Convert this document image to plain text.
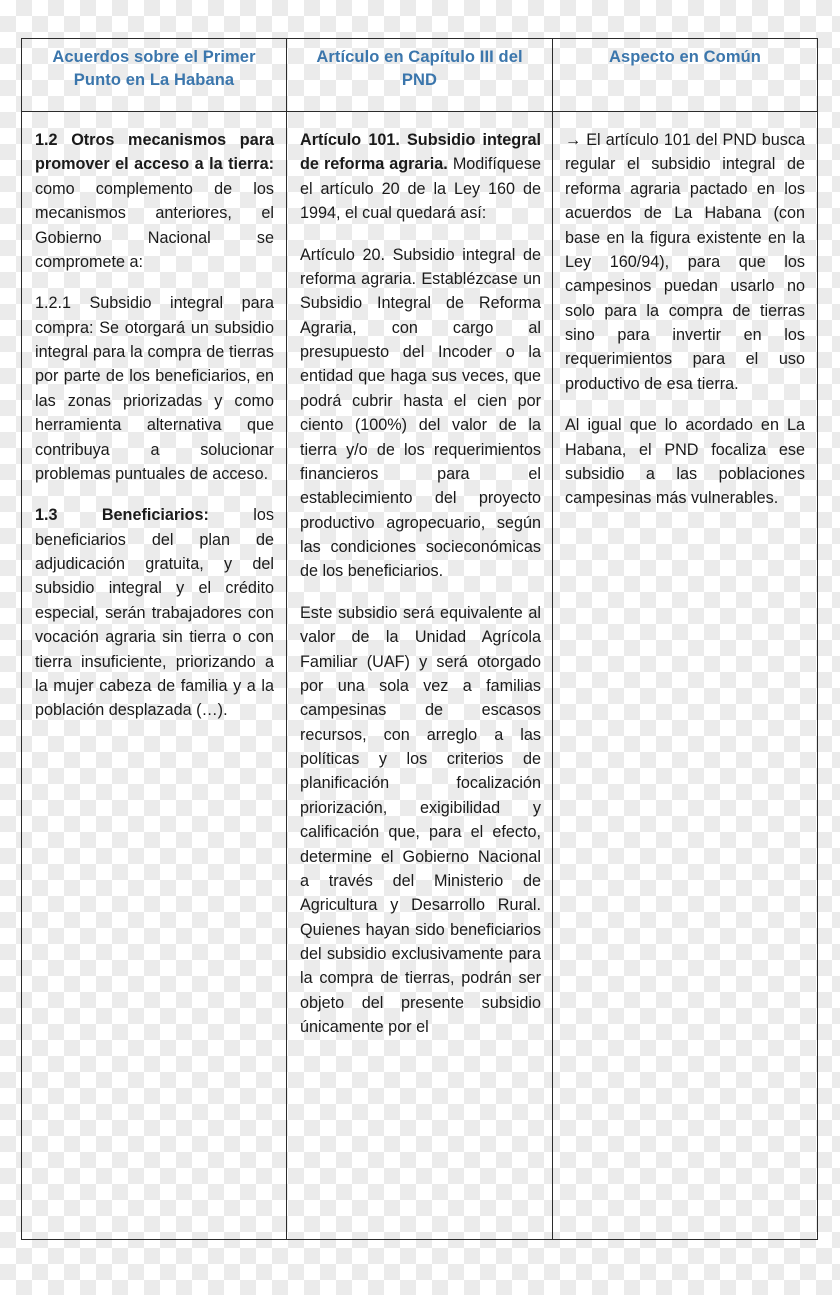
Acuerdos sobre el Primer Punto en La Habana
Artículo en Capítulo III del PND
Aspecto en Común

1.2 Otros mecanismos para promover el acceso a la tierra: como complemento de los mecanismos anteriores, el Gobierno Nacional se compromete a:

1.2.1 Subsidio integral para compra: Se otorgará un subsidio integral para la compra de tierras por parte de los beneficiarios, en las zonas priorizadas y como herramienta alternativa que contribuya a solucionar problemas puntuales de acceso.

1.3 Beneficiarios: los beneficiarios del plan de adjudicación gratuita, y del subsidio integral y el crédito especial, serán trabajadores con vocación agraria sin tierra o con tierra insuficiente, priorizando a la mujer cabeza de familia y a la población desplazada (…).

Artículo 101. Subsidio integral de reforma agraria. Modifíquese el artículo 20 de la Ley 160 de 1994, el cual quedará así:

Artículo 20. Subsidio integral de reforma agraria. Establézcase un Subsidio Integral de Reforma Agraria, con cargo al presupuesto del Incoder o la entidad que haga sus veces, que podrá cubrir hasta el cien por ciento (100%) del valor de la tierra y/o de los requerimientos financieros para el establecimiento del proyecto productivo agropecuario, según las condiciones socieconómicas de los beneficiarios.

Este subsidio será equivalente al valor de la Unidad Agrícola Familiar (UAF) y será otorgado por una sola vez a familias campesinas de escasos recursos, con arreglo a las políticas y los criterios de planificación focalización priorización, exigibilidad y calificación que, para el efecto, determine el Gobierno Nacional a través del Ministerio de Agricultura y Desarrollo Rural. Quienes hayan sido beneficiarios del subsidio exclusivamente para la compra de tierras, podrán ser objeto del presente subsidio únicamente por el

→ El artículo 101 del PND busca regular el subsidio integral de reforma agraria pactado en los acuerdos de La Habana (con base en la figura existente en la Ley 160/94), para que los campesinos puedan usarlo no solo para la compra de tierras sino para invertir en los requerimientos para el uso productivo de esa tierra.

Al igual que lo acordado en La Habana, el PND focaliza ese subsidio a las poblaciones campesinas más vulnerables.
